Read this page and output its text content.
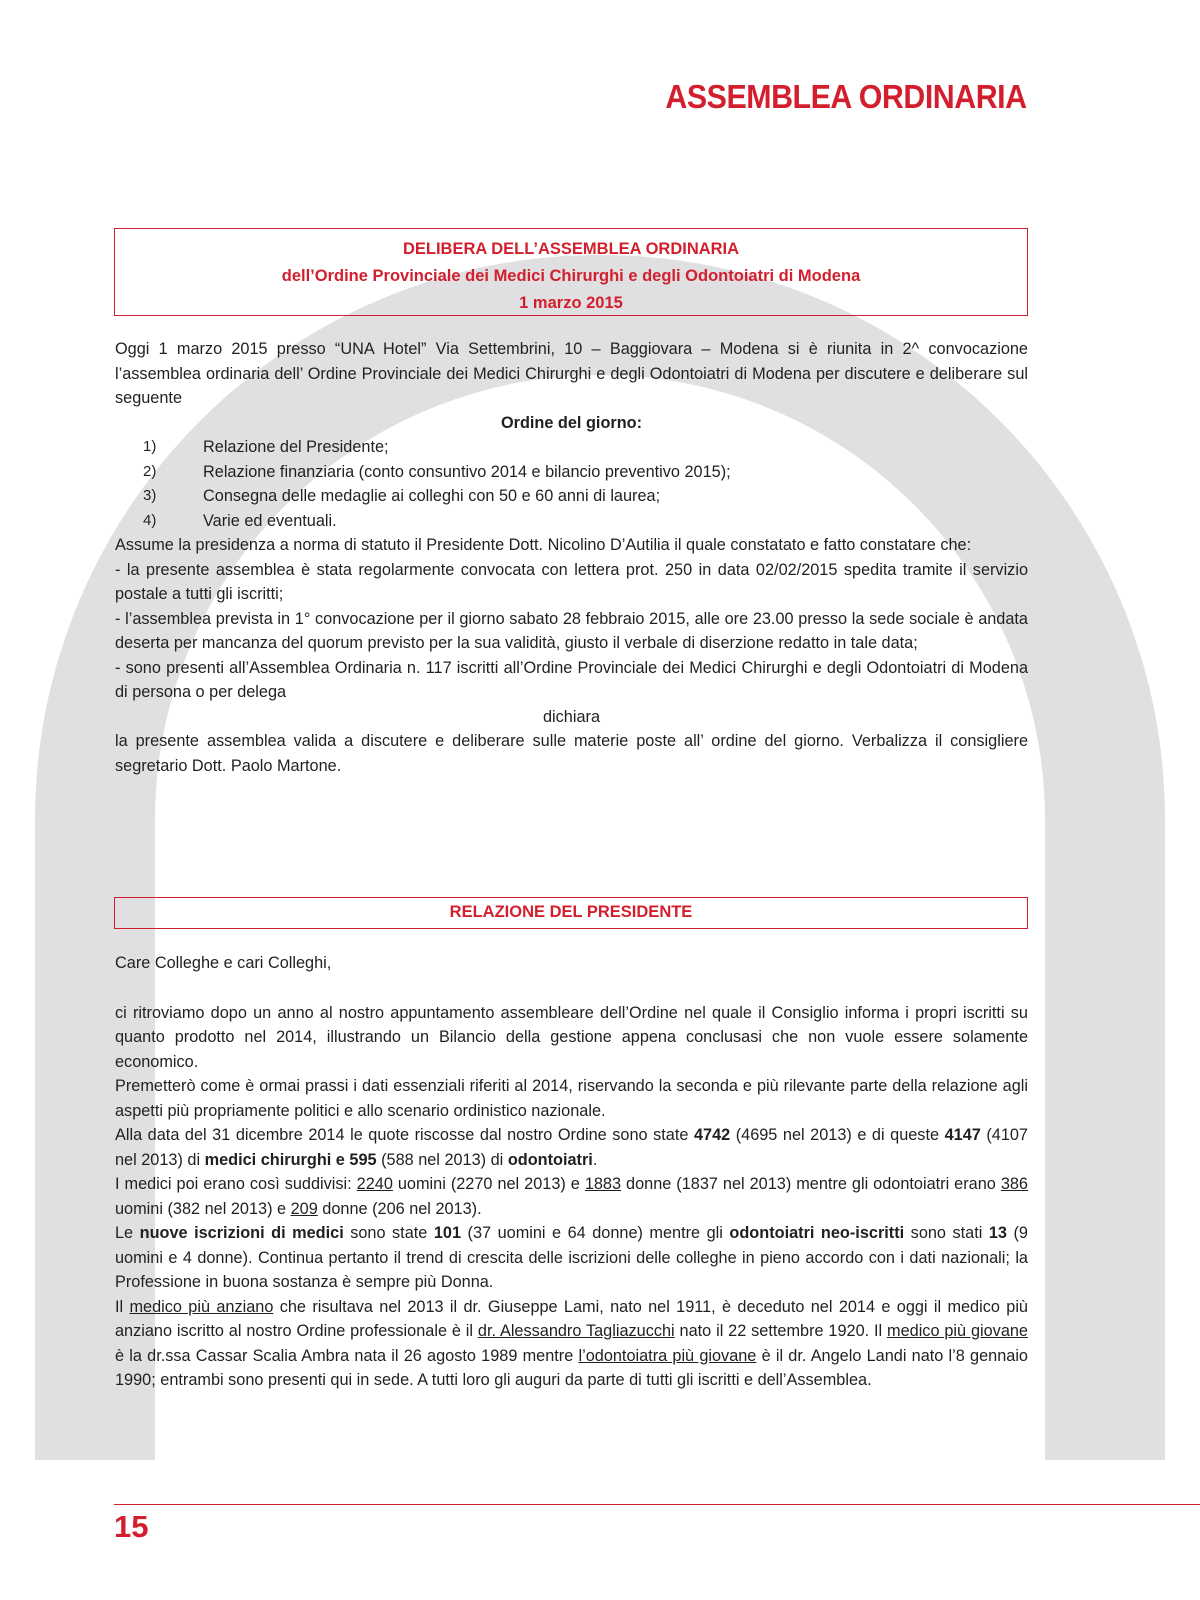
ASSEMBLEA ORDINARIA
DELIBERA DELL’ASSEMBLEA ORDINARIA
dell’Ordine Provinciale dei Medici Chirurghi e degli Odontoiatri di Modena
1 marzo 2015

Oggi 1 marzo 2015 presso “UNA Hotel” Via Settembrini, 10 – Baggiovara – Modena si è riunita in 2^ convocazione l’assemblea ordinaria dell’ Ordine Provinciale dei Medici Chirurghi e degli Odontoiatri di Modena per discutere e deliberare sul seguente

Ordine del giorno:

1)	Relazione del Presidente;
2)	Relazione finanziaria (conto consuntivo 2014 e bilancio preventivo 2015);
3)	Consegna delle medaglie ai colleghi con 50 e 60 anni di laurea;
4)	Varie ed eventuali.

Assume la presidenza a norma di statuto il Presidente Dott. Nicolino D’Autilia il quale constatato e fatto constatare che:

- la presente assemblea è stata regolarmente convocata con lettera prot. 250 in data 02/02/2015 spedita tramite il servizio postale a tutti gli iscritti;

- l’assemblea prevista in 1° convocazione per il giorno sabato 28 febbraio 2015, alle ore 23.00 presso la sede sociale è andata deserta per mancanza del quorum previsto per la sua validità, giusto il verbale di diserzione redatto in tale data;

- sono presenti all’Assemblea Ordinaria n. 117 iscritti all’Ordine Provinciale dei Medici Chirurghi e degli Odontoiatri di Modena di persona o per delega

dichiara

la presente assemblea valida a discutere e deliberare sulle materie poste all’ ordine del giorno. Verbalizza il consigliere segretario Dott. Paolo Martone.

RELAZIONE DEL PRESIDENTE

Care Colleghe e cari Colleghi,

ci ritroviamo dopo un anno al nostro appuntamento assembleare dell’Ordine nel quale il Consiglio informa i propri iscritti su quanto prodotto nel 2014, illustrando un Bilancio della gestione appena conclusasi che non vuole essere solamente economico.

Premetterò come è ormai prassi i dati essenziali riferiti al 2014, riservando la seconda e più rilevante parte della relazione agli aspetti più propriamente politici e allo scenario ordinistico nazionale.

Alla data del 31 dicembre 2014 le quote riscosse dal nostro Ordine sono state 4742 (4695 nel 2013) e di queste 4147 (4107 nel 2013) di medici chirurghi e 595 (588 nel 2013) di odontoiatri.

I medici poi erano così suddivisi: 2240 uomini (2270 nel 2013) e 1883 donne (1837 nel 2013) mentre gli odontoiatri erano 386 uomini (382 nel 2013) e 209 donne (206 nel 2013).

Le nuove iscrizioni di medici sono state 101 (37 uomini e 64 donne) mentre gli odontoiatri neo-iscritti sono stati 13 (9 uomini e 4 donne). Continua pertanto il trend di crescita delle iscrizioni delle colleghe in pieno accordo con i dati nazionali; la Professione in buona sostanza è sempre più Donna.

Il medico più anziano che risultava nel 2013 il dr. Giuseppe Lami, nato nel 1911, è deceduto nel 2014 e oggi il medico più anziano iscritto al nostro Ordine professionale è il dr. Alessandro Tagliazucchi nato il 22 settembre 1920. Il medico più giovane è la dr.ssa Cassar Scalia Ambra nata il 26 agosto 1989 mentre l’odontoiatra più giovane è il dr. Angelo Landi nato l’8 gennaio 1990; entrambi sono presenti qui in sede. A tutti loro gli auguri da parte di tutti gli iscritti e dell’Assemblea.

15
